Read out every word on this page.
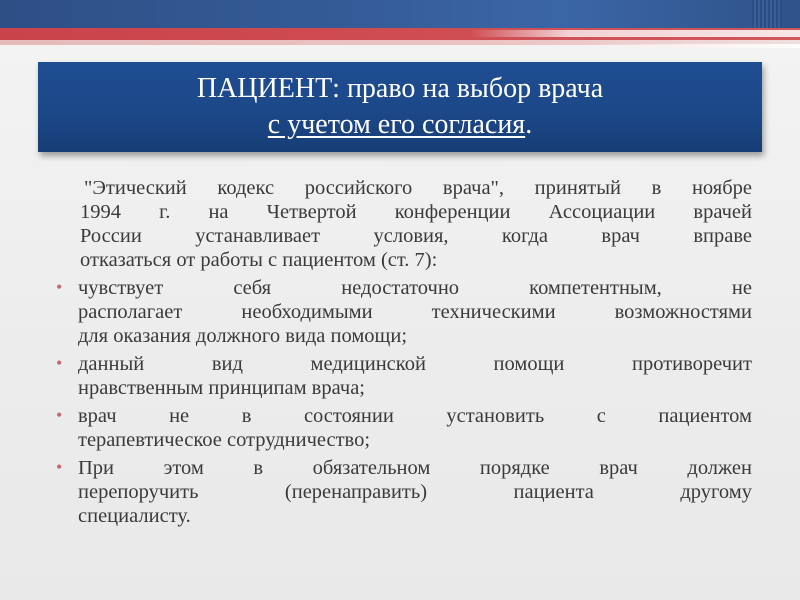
ПАЦИЕНТ: право на выбор врача
с учетом его согласия.
"Этический кодекс российского врача", принятый в ноябре
1994 г. на Четвертой конференции Ассоциации врачей
России устанавливает условия, когда врач вправе
отказаться от работы с пациентом (ст. 7):
• чувствует себя недостаточно компетентным, не
располагает необходимыми техническими возможностями
для оказания должного вида помощи;
• данный вид медицинской помощи противоречит
нравственным принципам врача;
• врач не в состоянии установить с пациентом
терапевтическое сотрудничество;
• При этом в обязательном порядке врач должен
перепоручить (перенаправить) пациента другому
специалисту.
